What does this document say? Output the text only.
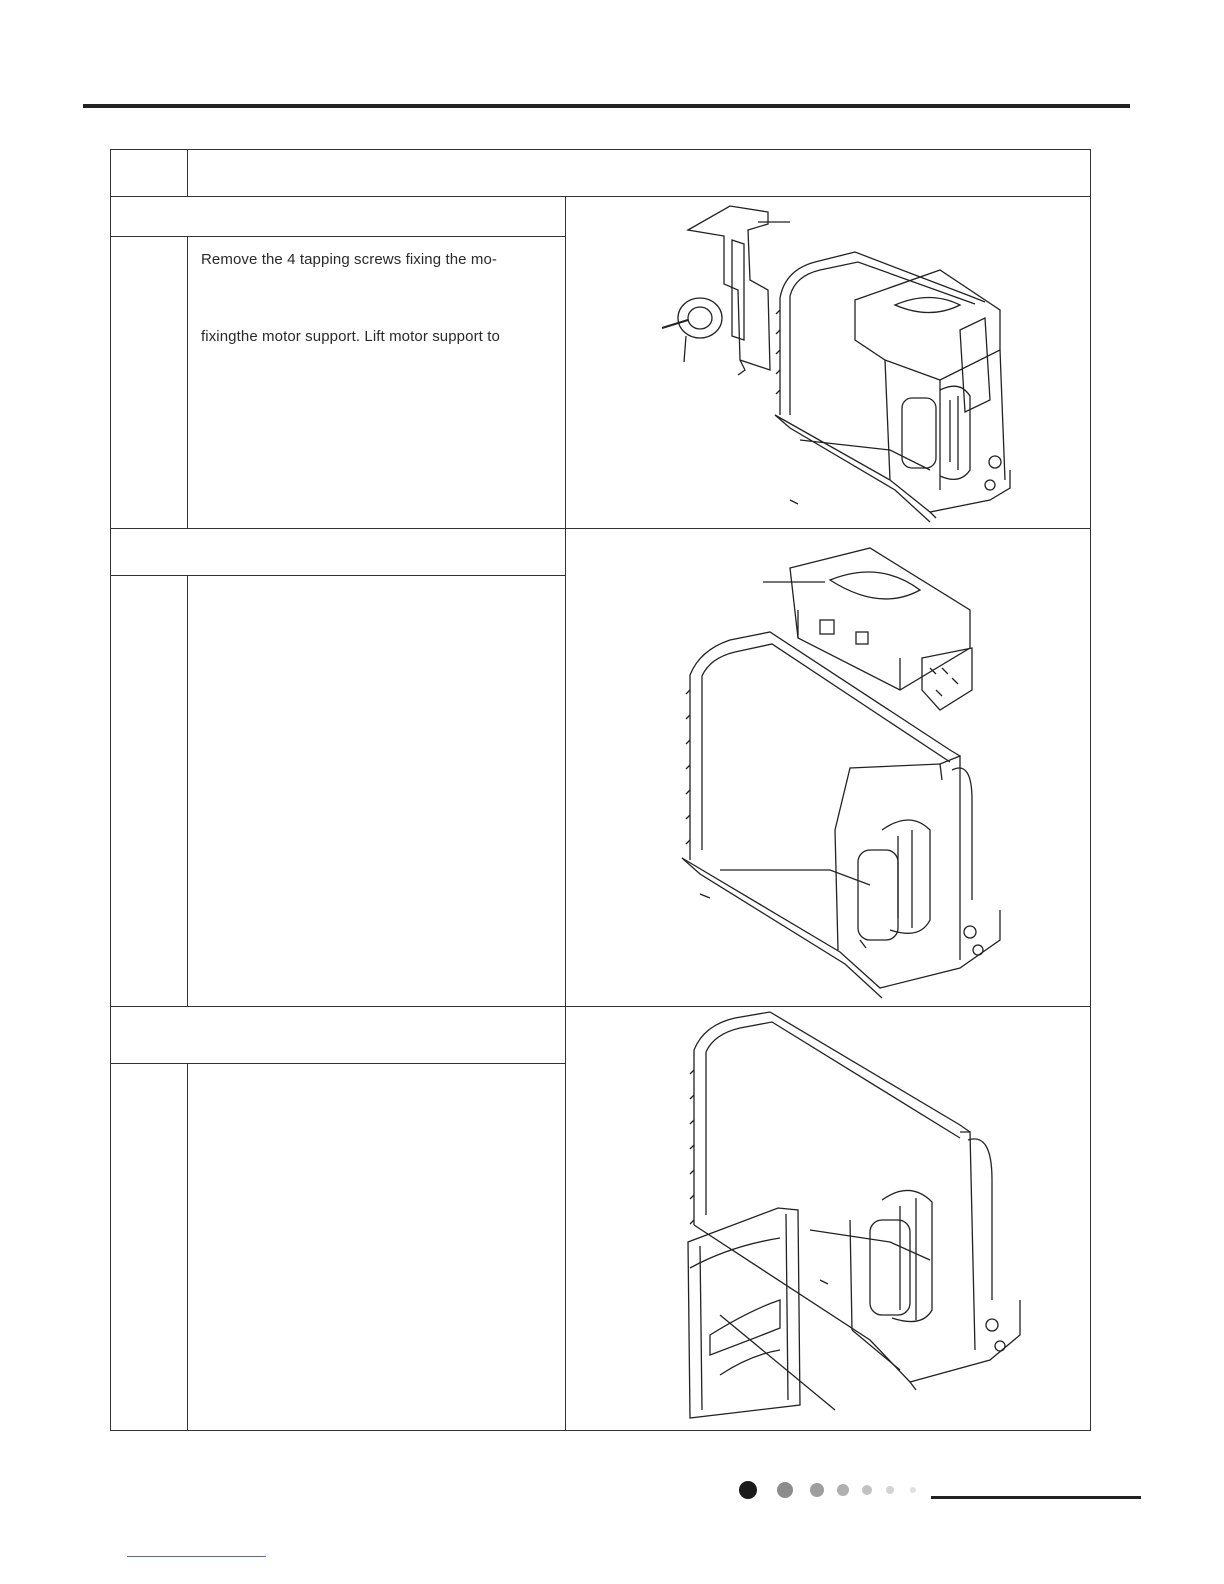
Remove the 4 tapping screws fixing the mo-

fixingthe motor support. Lift motor support to
